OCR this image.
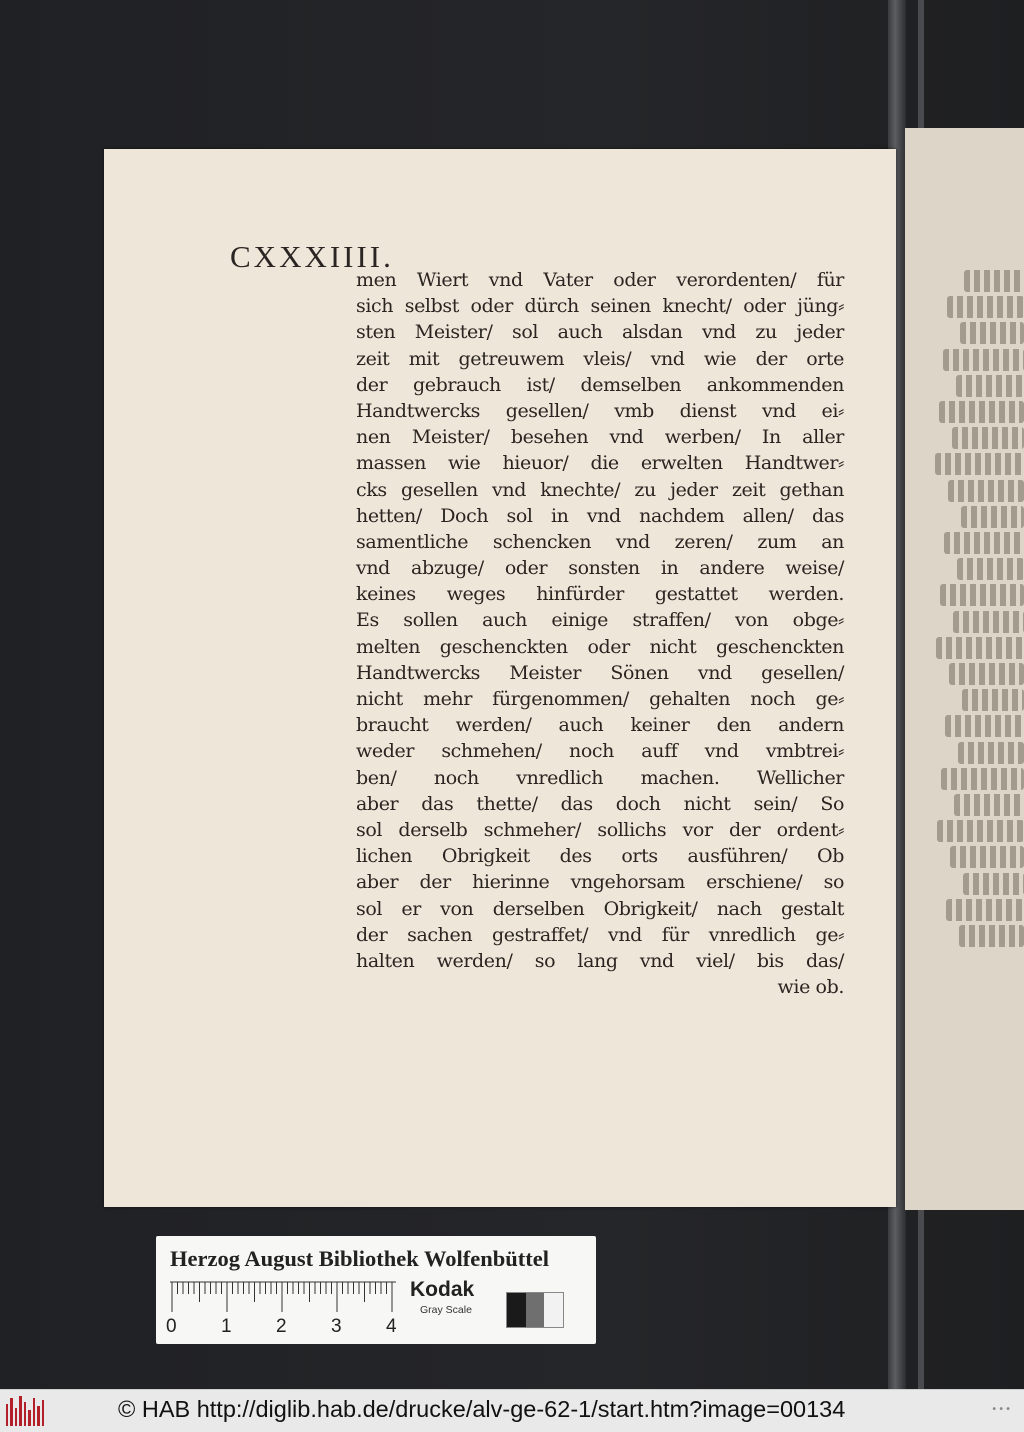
CXXXIIII.
men Wiert vnd Vater oder verordenten/ für
sich selbst oder dürch seinen knecht/ oder jüng⸗
sten Meister/ sol auch alsdan vnd zu jeder
zeit mit getreuwem vleis/ vnd wie der orte
der gebrauch ist/ demselben ankommenden
Handtwercks gesellen/ vmb dienst vnd ei⸗
nen Meister/ besehen vnd werben/ In aller
massen wie hieuor/ die erwelten Handtwer⸗
cks gesellen vnd knechte/ zu jeder zeit gethan
hetten/ Doch sol in vnd nachdem allen/ das
samentliche schencken vnd zeren/ zum an
vnd abzuge/ oder sonsten in andere weise/
keines weges hinfürder gestattet werden.
Es sollen auch einige straffen/ von obge⸗
melten geschenckten oder nicht geschenckten
Handtwercks Meister Sönen vnd gesellen/
nicht mehr fürgenommen/ gehalten noch ge⸗
braucht werden/ auch keiner den andern
weder schmehen/ noch auff vnd vmbtrei⸗
ben/ noch vnredlich machen. Wellicher
aber das thette/ das doch nicht sein/ So
sol derselb schmeher/ sollichs vor der ordent⸗
lichen Obrigkeit des orts ausführen/ Ob
aber der hierinne vngehorsam erschiene/ so
sol er von derselben Obrigkeit/ nach gestalt
der sachen gestraffet/ vnd für vnredlich ge⸗
halten werden/ so lang vnd viel/ bis das/
wie ob.
Herzog August Bibliothek Wolfenbüttel
0 1 2 3 4
Kodak
Gray Scale
© HAB http://diglib.hab.de/drucke/alv-ge-62-1/start.htm?image=00134	•••
